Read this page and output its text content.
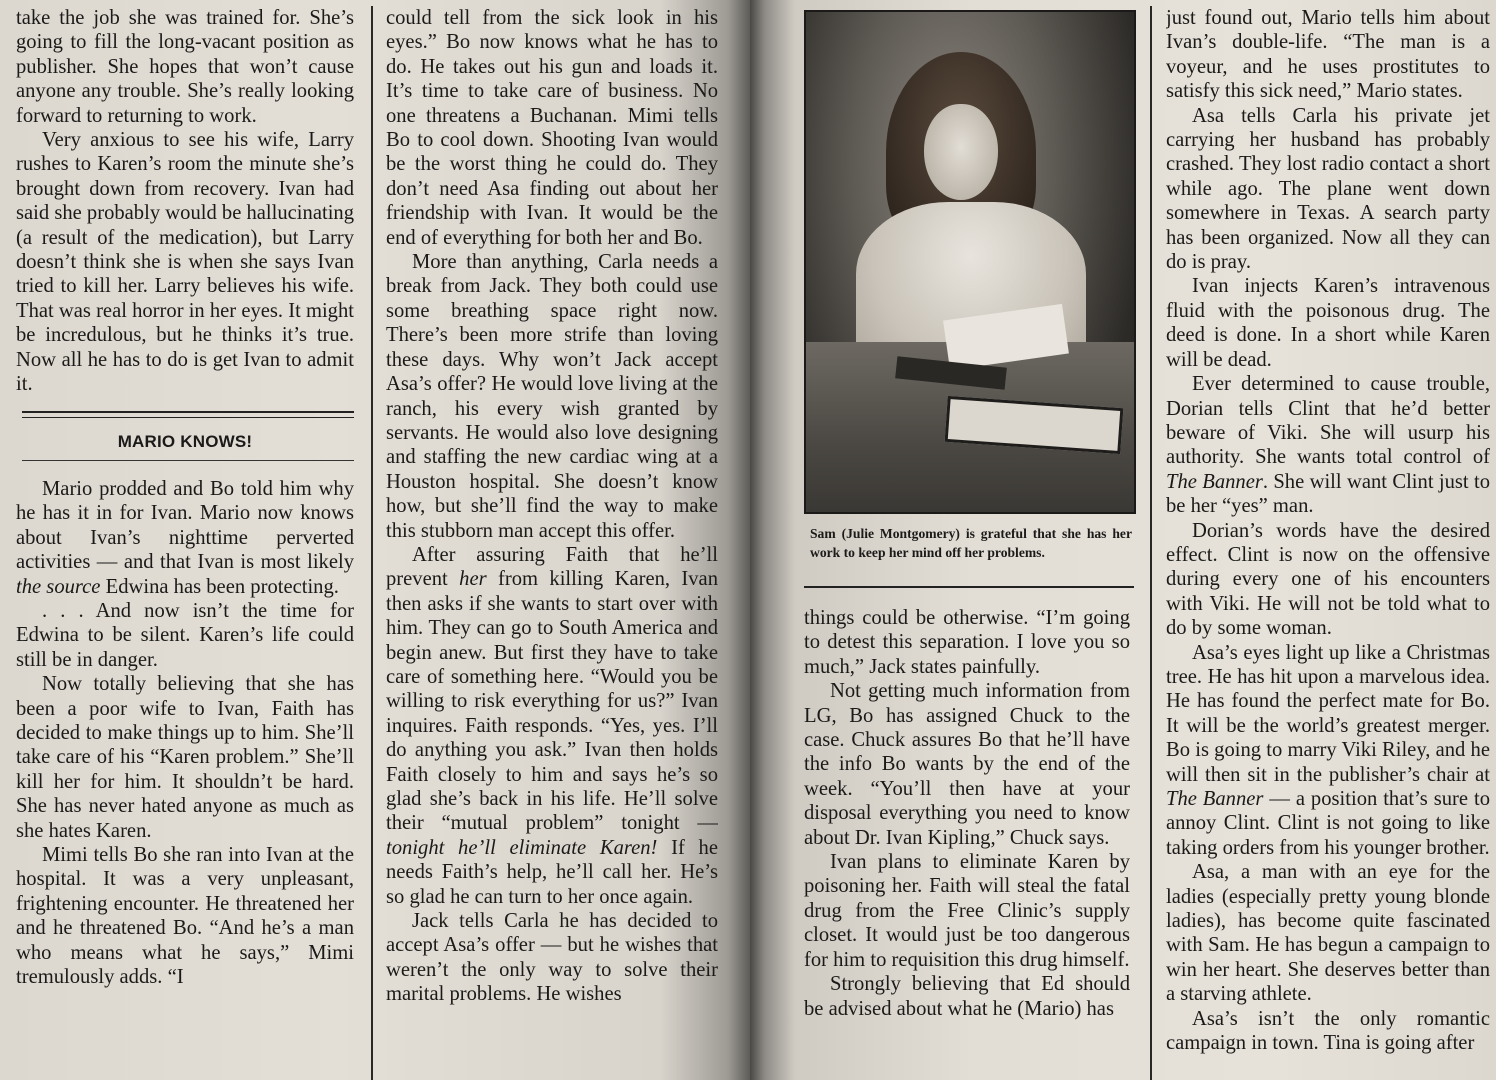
take the job she was trained for. She’s going to fill the long-vacant position as publisher. She hopes that won’t cause anyone any trouble. She’s really looking forward to returning to work.

Very anxious to see his wife, Larry rushes to Karen’s room the minute she’s brought down from recovery. Ivan had said she probably would be hallucinating (a result of the medication), but Larry doesn’t think she is when she says Ivan tried to kill her. Larry believes his wife. That was real horror in her eyes. It might be incredulous, but he thinks it’s true. Now all he has to do is get Ivan to admit it.

MARIO KNOWS!

Mario prodded and Bo told him why he has it in for Ivan. Mario now knows about Ivan’s nighttime perverted activities — and that Ivan is most likely the source Edwina has been protecting.

. . . And now isn’t the time for Edwina to be silent. Karen’s life could still be in danger.

Now totally believing that she has been a poor wife to Ivan, Faith has decided to make things up to him. She’ll take care of his “Karen problem.” She’ll kill her for him. It shouldn’t be hard. She has never hated anyone as much as she hates Karen.

Mimi tells Bo she ran into Ivan at the hospital. It was a very unpleasant, frightening encounter. He threatened her and he threatened Bo. “And he’s a man who means what he says,” Mimi tremulously adds. “I

could tell from the sick look in his eyes.” Bo now knows what he has to do. He takes out his gun and loads it. It’s time to take care of business. No one threatens a Buchanan. Mimi tells Bo to cool down. Shooting Ivan would be the worst thing he could do. They don’t need Asa finding out about her friendship with Ivan. It would be the end of everything for both her and Bo.

More than anything, Carla needs a break from Jack. They both could use some breathing space right now. There’s been more strife than loving these days. Why won’t Jack accept Asa’s offer? He would love living at the ranch, his every wish granted by servants. He would also love designing and staffing the new cardiac wing at a Houston hospital. She doesn’t know how, but she’ll find the way to make this stubborn man accept this offer.

After assuring Faith that he’ll prevent her from killing Karen, Ivan then asks if she wants to start over with him. They can go to South America and begin anew. But first they have to take care of something here. “Would you be willing to risk everything for us?” Ivan inquires. Faith responds. “Yes, yes. I’ll do anything you ask.” Ivan then holds Faith closely to him and says he’s so glad she’s back in his life. He’ll solve their “mutual problem” tonight — tonight he’ll eliminate Karen! If he needs Faith’s help, he’ll call her. He’s so glad he can turn to her once again.

Jack tells Carla he has decided to accept Asa’s offer — but he wishes that weren’t the only way to solve their marital problems. He wishes

Sam (Julie Montgomery) is grateful that she has her work to keep her mind off her problems.

things could be otherwise. “I’m going to detest this separation. I love you so much,” Jack states painfully.

Not getting much information from LG, Bo has assigned Chuck to the case. Chuck assures Bo that he’ll have the info Bo wants by the end of the week. “You’ll then have at your disposal everything you need to know about Dr. Ivan Kipling,” Chuck says.

Ivan plans to eliminate Karen by poisoning her. Faith will steal the fatal drug from the Free Clinic’s supply closet. It would just be too dangerous for him to requisition this drug himself.

Strongly believing that Ed should be advised about what he (Mario) has

just found out, Mario tells him about Ivan’s double-life. “The man is a voyeur, and he uses prostitutes to satisfy this sick need,” Mario states.

Asa tells Carla his private jet carrying her husband has probably crashed. They lost radio contact a short while ago. The plane went down somewhere in Texas. A search party has been organized. Now all they can do is pray.

Ivan injects Karen’s intravenous fluid with the poisonous drug. The deed is done. In a short while Karen will be dead.

Ever determined to cause trouble, Dorian tells Clint that he’d better beware of Viki. She will usurp his authority. She wants total control of The Banner. She will want Clint just to be her “yes” man.

Dorian’s words have the desired effect. Clint is now on the offensive during every one of his encounters with Viki. He will not be told what to do by some woman.

Asa’s eyes light up like a Christmas tree. He has hit upon a marvelous idea. He has found the perfect mate for Bo. It will be the world’s greatest merger. Bo is going to marry Viki Riley, and he will then sit in the publisher’s chair at The Banner — a position that’s sure to annoy Clint. Clint is not going to like taking orders from his younger brother.

Asa, a man with an eye for the ladies (especially pretty young blonde ladies), has become quite fascinated with Sam. He has begun a campaign to win her heart. She deserves better than a starving athlete.

Asa’s isn’t the only romantic campaign in town. Tina is going after
